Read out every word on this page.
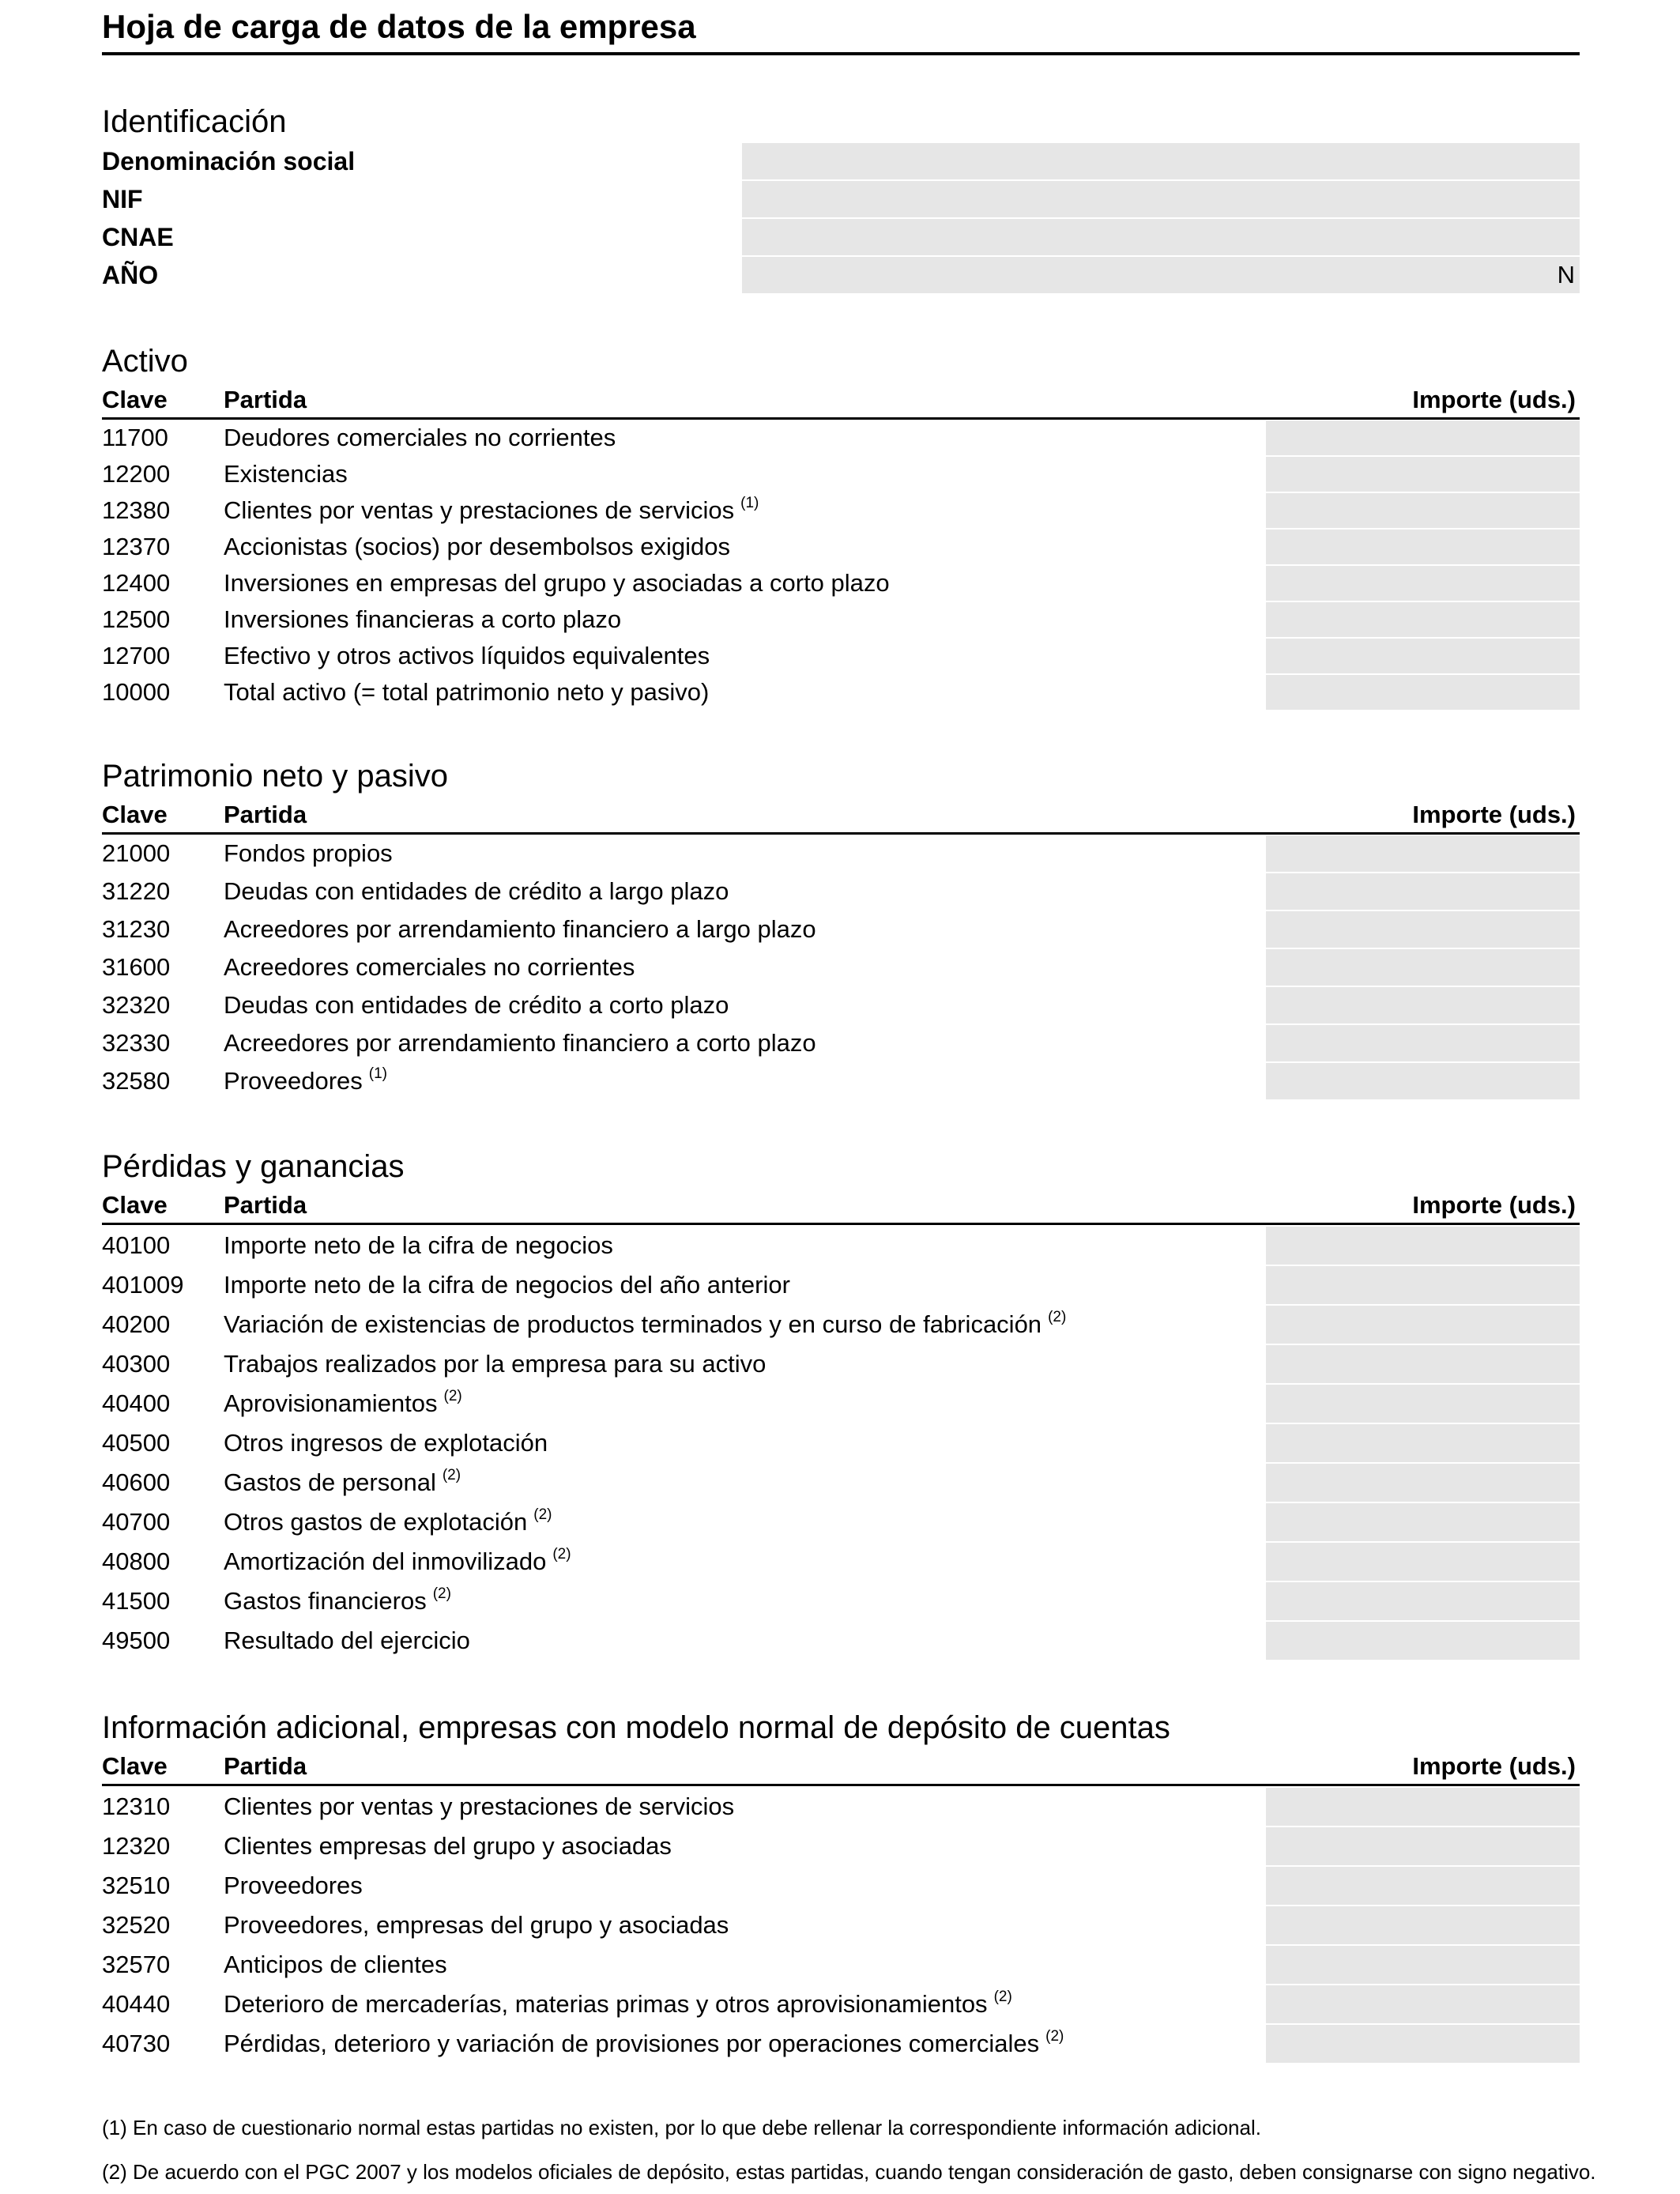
Hoja de carga de datos de la empresa
Identificación
Denominación social
NIF
CNAE
AÑO	N
Activo
Clave Partida	Importe (uds.)
Patrimonio neto y pasivo
Clave Partida	Importe (uds.)
Pérdidas y ganancias
Clave Partida	Importe (uds.)
Información adicional, empresas con modelo normal de depósito de cuentas
Clave Partida	Importe (uds.)
(1) En caso de cuestionario normal estas partidas no existen, por lo que debe rellenar la correspondiente información adicional.
(2) De acuerdo con el PGC 2007 y los modelos oficiales de depósito, estas partidas, cuando tengan consideración de gasto, deben consignarse con signo negativo.
11700 Deudores comerciales no corrientes
12200 Existencias
12380 Clientes por ventas y prestaciones de servicios $^{(1)}$
12370 Accionistas (socios) por desembolsos exigidos
12400 Inversiones en empresas del grupo y asociadas a corto plazo
12500 Inversiones financieras a corto plazo
12700 Efectivo y otros activos líquidos equivalentes
10000 Total activo (= total patrimonio neto y pasivo)
21000 Fondos propios
31220 Deudas con entidades de crédito a largo plazo
31230 Acreedores por arrendamiento financiero a largo plazo
31600 Acreedores comerciales no corrientes
32320 Deudas con entidades de crédito a corto plazo
32330 Acreedores por arrendamiento financiero a corto plazo
32580 Proveedores $^{(1)}$
40100 Importe neto de la cifra de negocios
401009 Importe neto de la cifra de negocios del año anterior
40200 Variación de existencias de productos terminados y en curso de fabricación $^{(2)}$
40300 Trabajos realizados por la empresa para su activo
40400 Aprovisionamientos $^{(2)}$
40500 Otros ingresos de explotación
40600 Gastos de personal $^{(2)}$
40700 Otros gastos de explotación $^{(2)}$
40800 Amortización del inmovilizado $^{(2)}$
41500 Gastos financieros $^{(2)}$
49500 Resultado del ejercicio
12310 Clientes por ventas y prestaciones de servicios
12320 Clientes empresas del grupo y asociadas
32510 Proveedores
32520 Proveedores, empresas del grupo y asociadas
32570 Anticipos de clientes
40440 Deterioro de mercaderías, materias primas y otros aprovisionamientos $^{(2)}$
40730 Pérdidas, deterioro y variación de provisiones por operaciones comerciales $^{(2)}$
